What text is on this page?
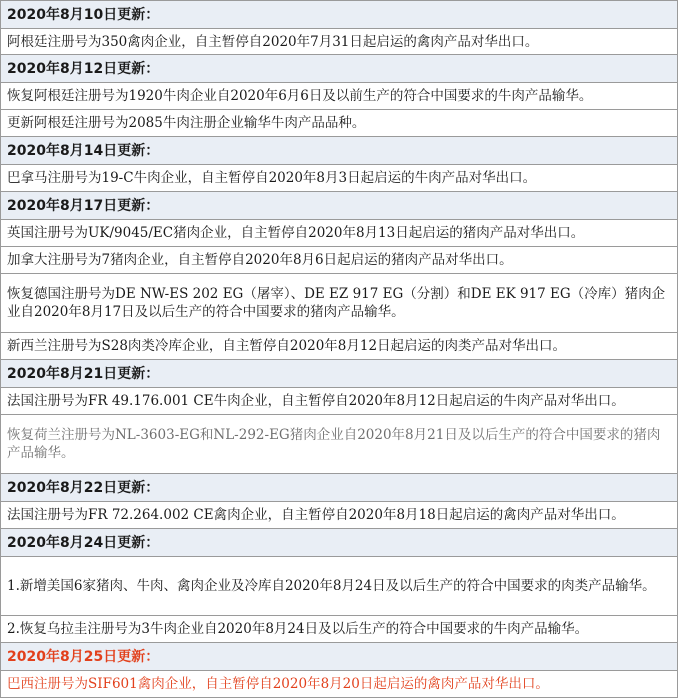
2020年8月10日更新：
阿根廷注册号为350禽肉企业，自主暂停自2020年7月31日起启运的禽肉产品对华出口。
2020年8月12日更新：
恢复阿根廷注册号为1920牛肉企业自2020年6月6日及以前生产的符合中国要求的牛肉产品输华。
更新阿根廷注册号为2085牛肉注册企业输华牛肉产品品种。
2020年8月14日更新：
巴拿马注册号为19-C牛肉企业，自主暂停自2020年8月3日起启运的牛肉产品对华出口。
2020年8月17日更新：
英国注册号为UK/9045/EC猪肉企业，自主暂停自2020年8月13日起启运的猪肉产品对华出口。
加拿大注册号为7猪肉企业，自主暂停自2020年8月6日起启运的猪肉产品对华出口。
恢复德国注册号为DE NW-ES 202 EG（屠宰）、DE EZ 917 EG（分割）和DE EK 917 EG（冷库）猪肉企业自2020年8月17日及以后生产的符合中国要求的猪肉产品输华。
新西兰注册号为S28肉类冷库企业，自主暂停自2020年8月12日起启运的肉类产品对华出口。
2020年8月21日更新：
法国注册号为FR 49.176.001 CE牛肉企业，自主暂停自2020年8月12日起启运的牛肉产品对华出口。
恢复荷兰注册号为NL-3603-EG和NL-292-EG猪肉企业自2020年8月21日及以后生产的符合中国要求的猪肉产品输华。
2020年8月22日更新：
法国注册号为FR 72.264.002 CE禽肉企业，自主暂停自2020年8月18日起启运的禽肉产品对华出口。
2020年8月24日更新：
1.新增美国6家猪肉、牛肉、禽肉企业及冷库自2020年8月24日及以后生产的符合中国要求的肉类产品输华。
2.恢复乌拉圭注册号为3牛肉企业自2020年8月24日及以后生产的符合中国要求的牛肉产品输华。
2020年8月25日更新：
巴西注册号为SIF601禽肉企业，自主暂停自2020年8月20日起启运的禽肉产品对华出口。
